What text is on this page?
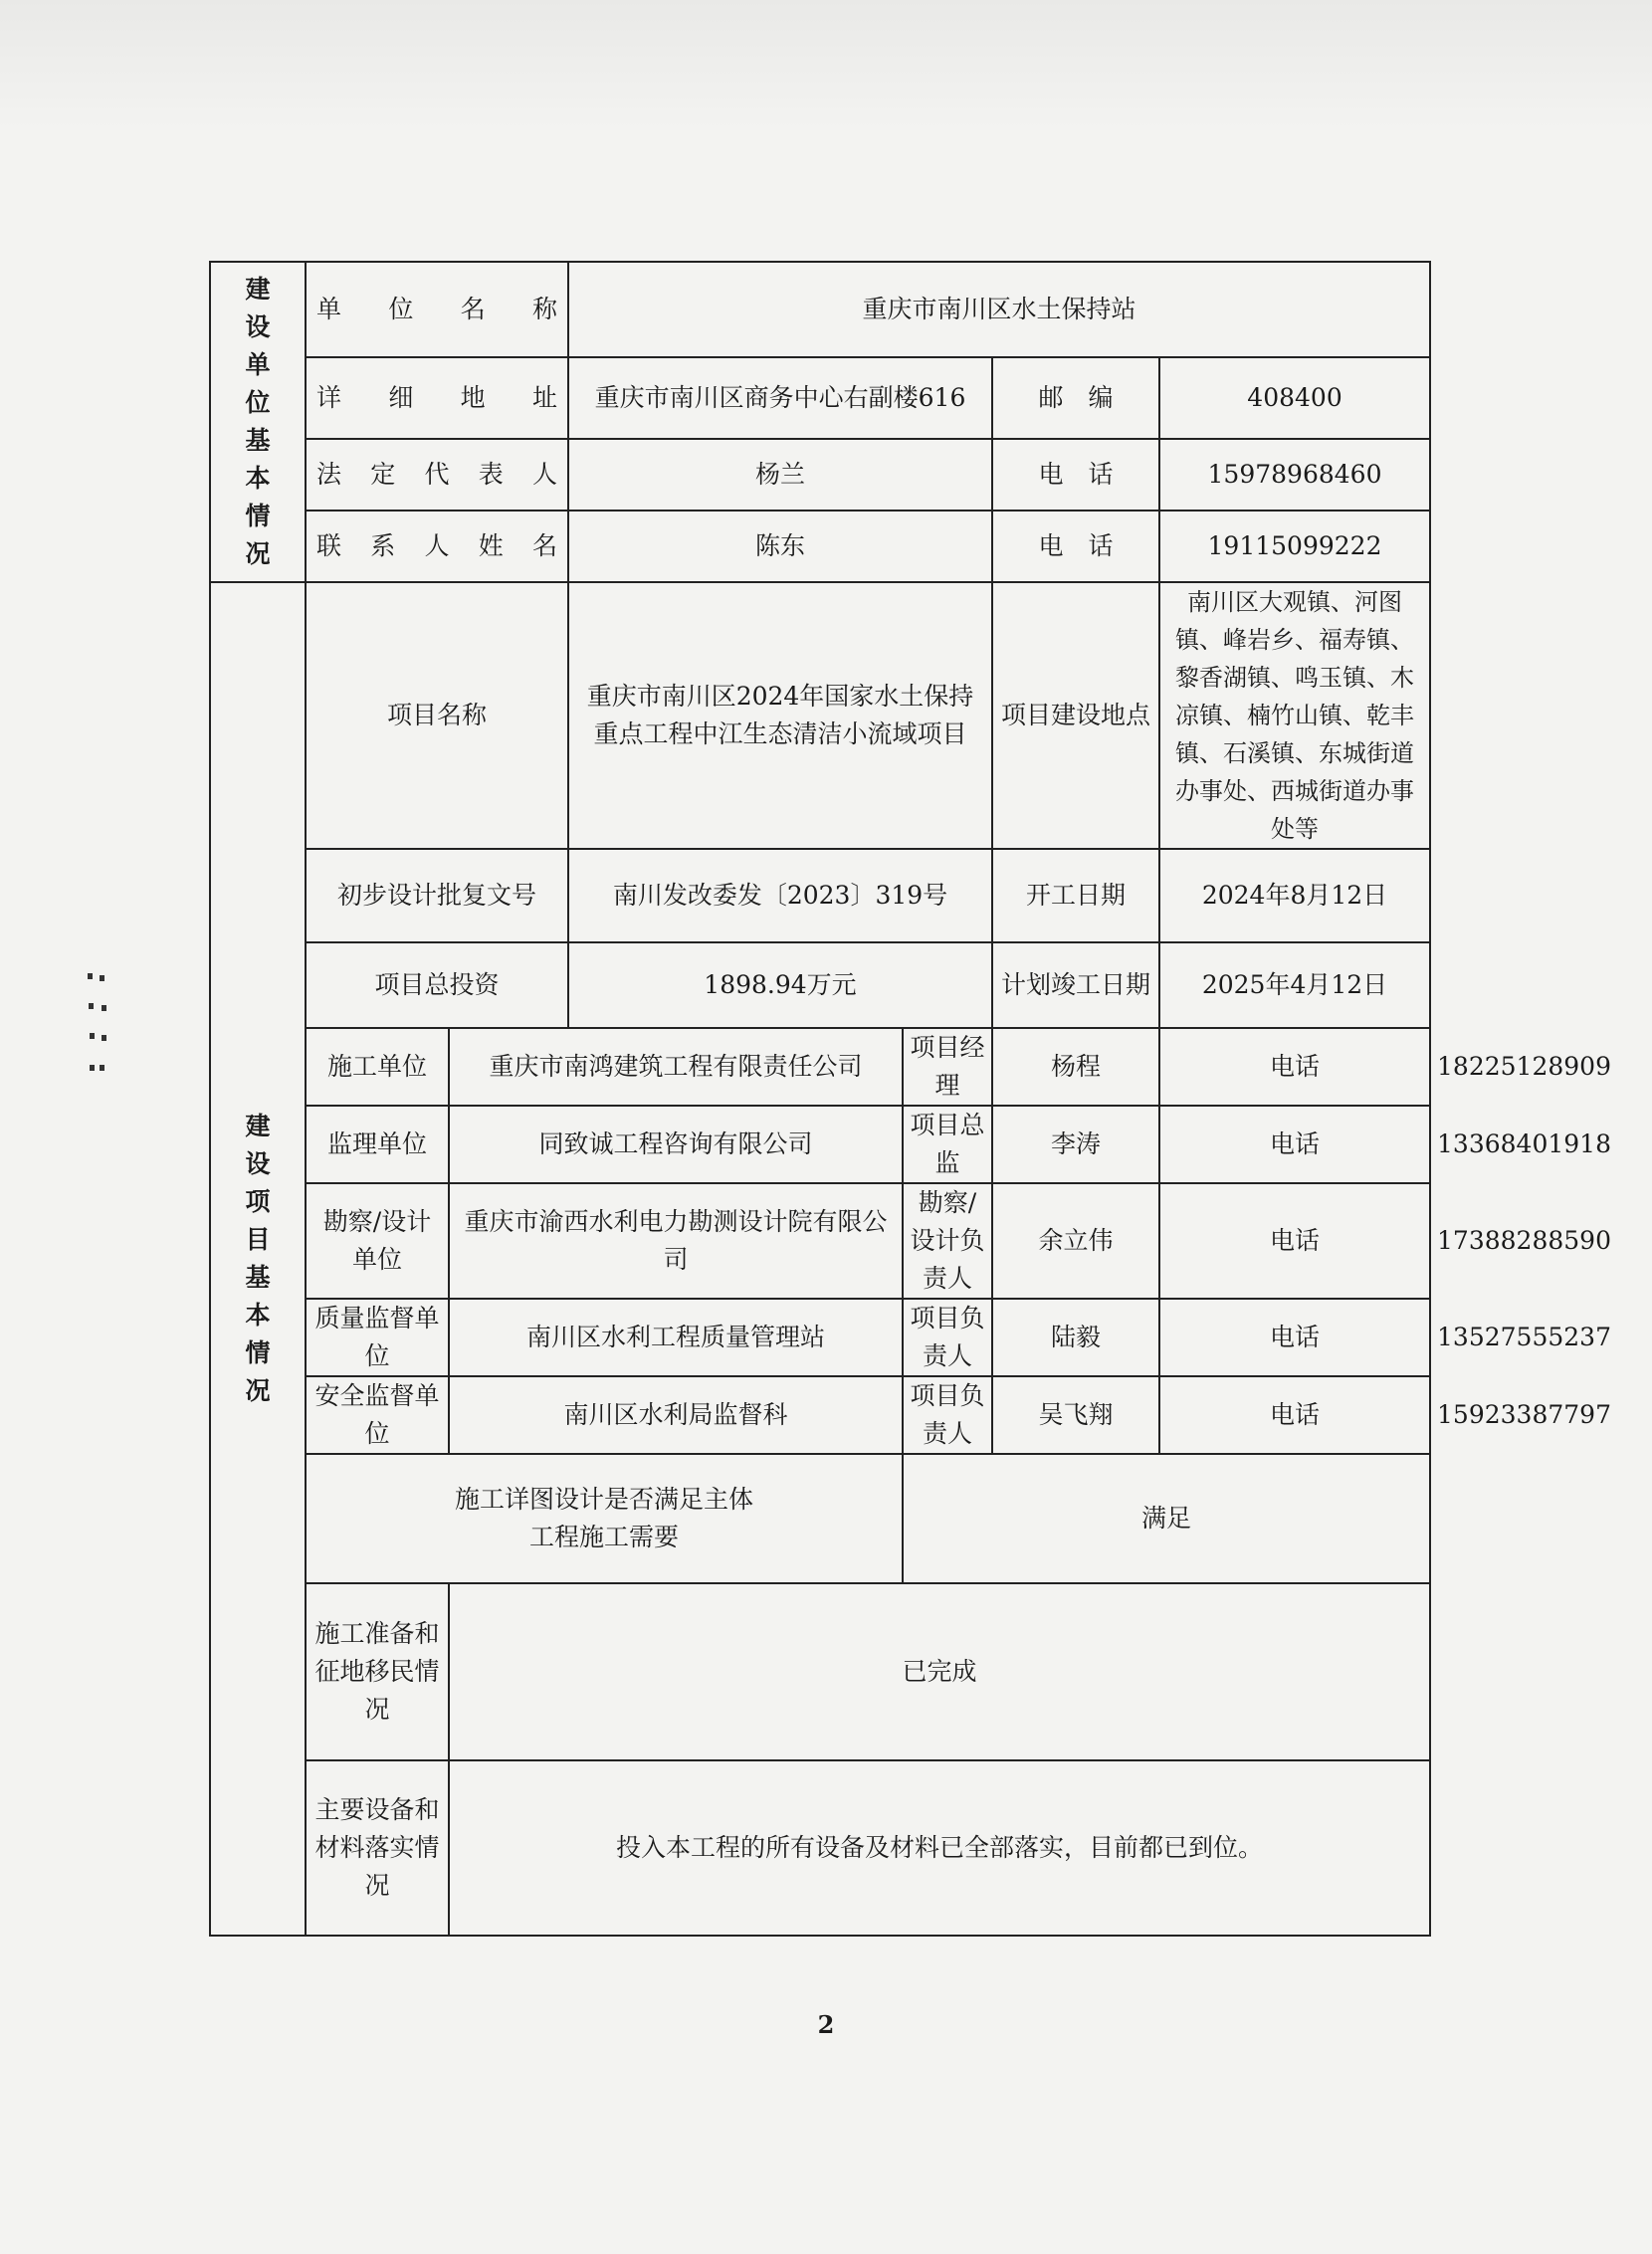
建设单位基本情况	单位名称		重庆市南川区水土保持站				
	详细地址		重庆市南川区商务中心右副楼616		邮　编	408400	
	法定代表人		杨兰		电　话	15978968460	
	联系人姓名		陈东		电　话	19115099222	

建设项目基本情况	项目名称		重庆市南川区2024年国家水土保持重点工程中江生态清洁小流域项目		项目建设地点	南川区大观镇、河图镇、峰岩乡、福寿镇、黎香湖镇、鸣玉镇、木凉镇、楠竹山镇、乾丰镇、石溪镇、东城街道办事处、西城街道办事处等	
	初步设计批复文号		南川发改委发〔2023〕319号		开工日期	2024年8月12日	
	项目总投资		1898.94万元		计划竣工日期	2025年4月12日	
	施工单位	重庆市南鸿建筑工程有限责任公司		项目经理	杨程	电话	18225128909
	监理单位	同致诚工程咨询有限公司		项目总监	李涛	电话	13368401918
	勘察/设计单位	重庆市渝西水利电力勘测设计院有限公司		勘察/设计负责人	余立伟	电话	17388288590
	质量监督单位	南川区水利工程质量管理站		项目负责人	陆毅	电话	13527555237
	安全监督单位	南川区水利局监督科		项目负责人	吴飞翔	电话	15923387797

	施工详图设计是否满足主体工程施工需要			满足			
	施工准备和征地移民情况	已完成					
	主要设备和材料落实情况	投入本工程的所有设备及材料已全部落实，目前都已到位。					
2
